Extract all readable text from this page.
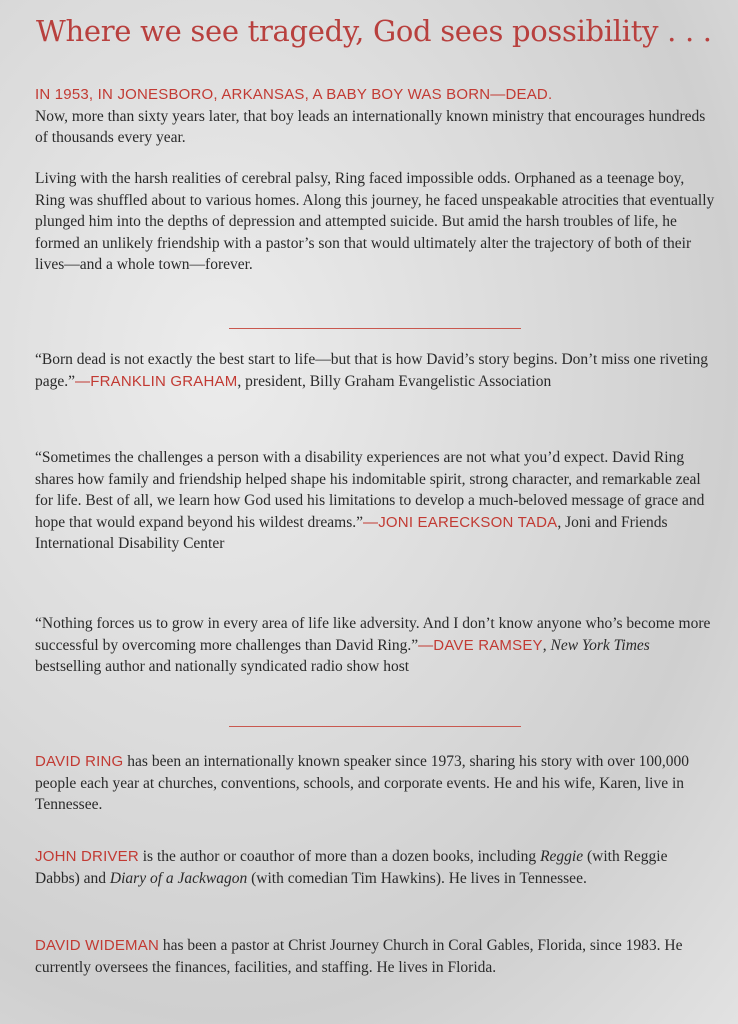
Where we see tragedy, God sees possibility . . .
IN 1953, IN JONESBORO, ARKANSAS, A BABY BOY WAS BORN—DEAD.
Now, more than sixty years later, that boy leads an internationally known ministry that encourages hundreds of thousands every year.
Living with the harsh realities of cerebral palsy, Ring faced impossible odds. Orphaned as a teenage boy, Ring was shuffled about to various homes. Along this journey, he faced unspeakable atrocities that eventually plunged him into the depths of depression and attempted suicide. But amid the harsh troubles of life, he formed an unlikely friendship with a pastor’s son that would ultimately alter the trajectory of both of their lives—and a whole town—forever.
“Born dead is not exactly the best start to life—but that is how David’s story begins. Don’t miss one riveting page.”—FRANKLIN GRAHAM, president, Billy Graham Evangelistic Association
“Sometimes the challenges a person with a disability experiences are not what you’d expect. David Ring shares how family and friendship helped shape his indomitable spirit, strong character, and remarkable zeal for life. Best of all, we learn how God used his limitations to develop a much-beloved message of grace and hope that would expand beyond his wildest dreams.”—JONI EARECKSON TADA, Joni and Friends International Disability Center
“Nothing forces us to grow in every area of life like adversity. And I don’t know anyone who’s become more successful by overcoming more challenges than David Ring.”—DAVE RAMSEY, New York Times bestselling author and nationally syndicated radio show host
DAVID RING has been an internationally known speaker since 1973, sharing his story with over 100,000 people each year at churches, conventions, schools, and corporate events. He and his wife, Karen, live in Tennessee.
JOHN DRIVER is the author or coauthor of more than a dozen books, including Reggie (with Reggie Dabbs) and Diary of a Jackwagon (with comedian Tim Hawkins). He lives in Tennessee.
DAVID WIDEMAN has been a pastor at Christ Journey Church in Coral Gables, Florida, since 1983. He currently oversees the finances, facilities, and staffing. He lives in Florida.
